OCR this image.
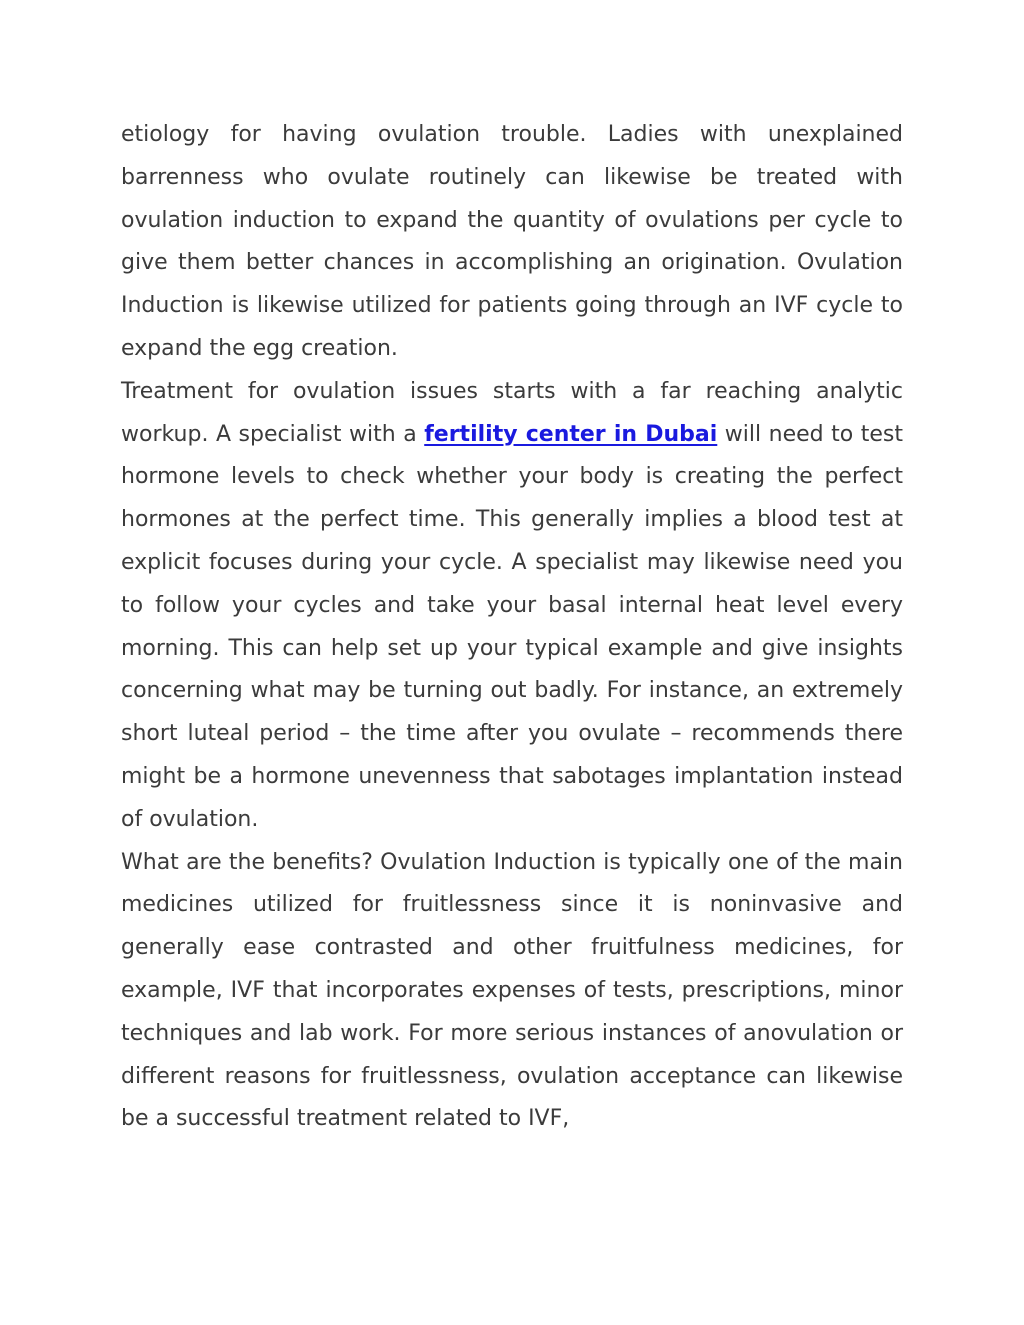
etiology for having ovulation trouble. Ladies with unexplained barrenness who ovulate routinely can likewise be treated with ovulation induction to expand the quantity of ovulations per cycle to give them better chances in accomplishing an origination. Ovulation Induction is likewise utilized for patients going through an IVF cycle to expand the egg creation.

Treatment for ovulation issues starts with a far reaching analytic workup. A specialist with a fertility center in Dubai will need to test hormone levels to check whether your body is creating the perfect hormones at the perfect time. This generally implies a blood test at explicit focuses during your cycle. A specialist may likewise need you to follow your cycles and take your basal internal heat level every morning. This can help set up your typical example and give insights concerning what may be turning out badly. For instance, an extremely short luteal period – the time after you ovulate – recommends there might be a hormone unevenness that sabotages implantation instead of ovulation.

What are the benefits? Ovulation Induction is typically one of the main medicines utilized for fruitlessness since it is noninvasive and generally ease contrasted and other fruitfulness medicines, for example, IVF that incorporates expenses of tests, prescriptions, minor techniques and lab work. For more serious instances of anovulation or different reasons for fruitlessness, ovulation acceptance can likewise be a successful treatment related to IVF,
